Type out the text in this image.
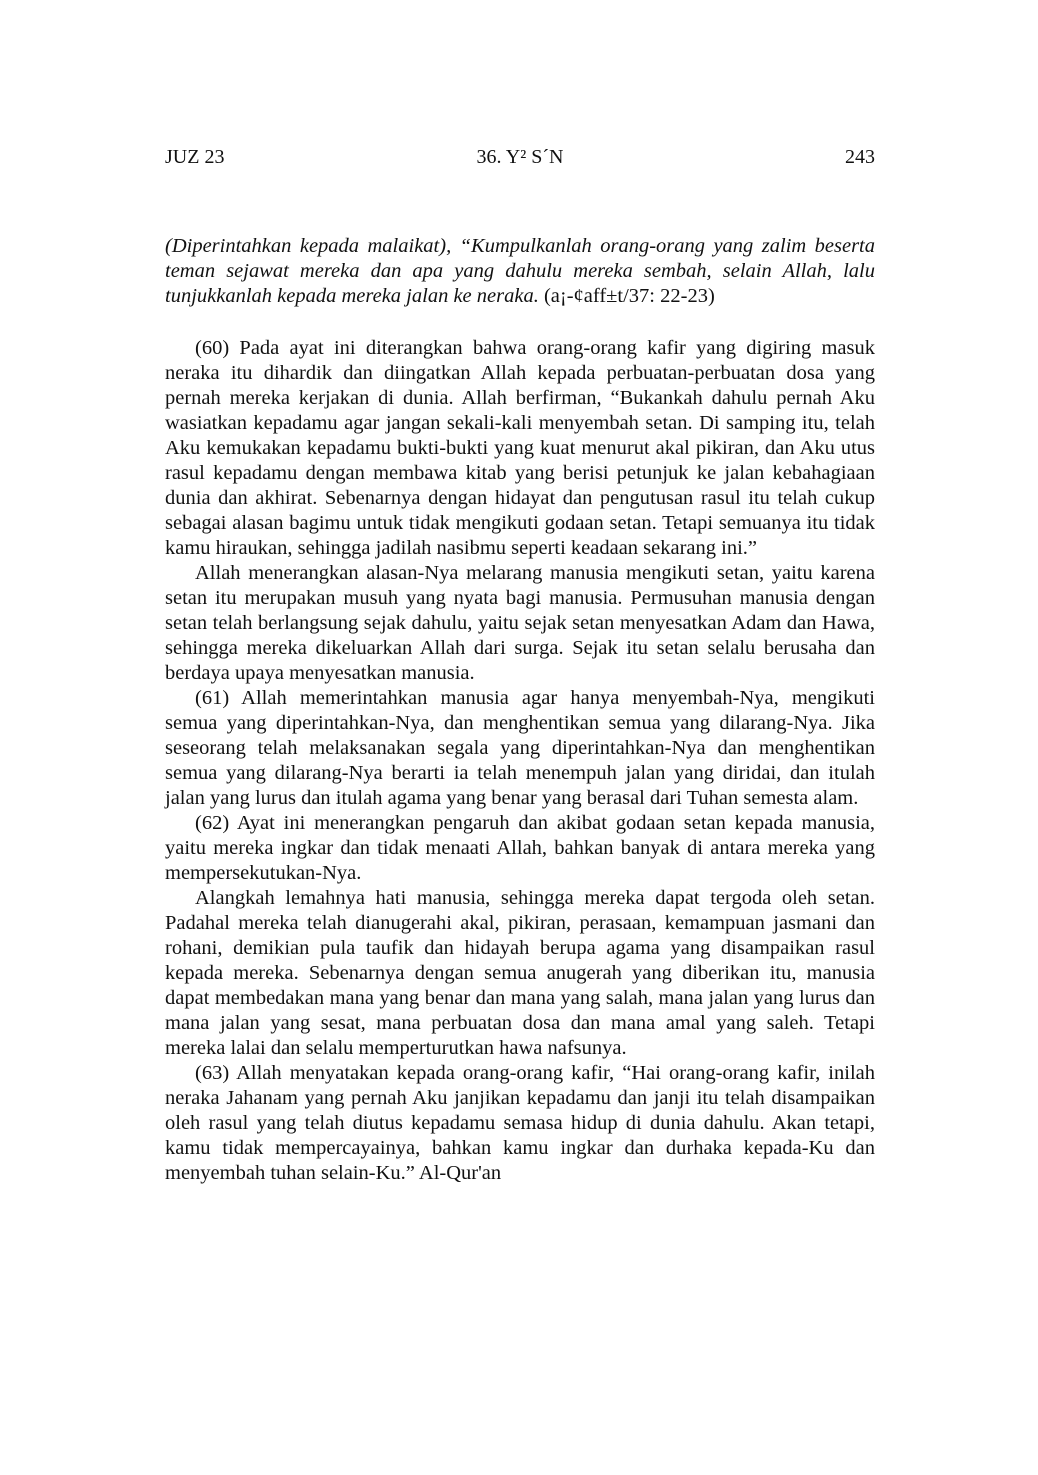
JUZ 23	36. Y² S´N	243

(Diperintahkan kepada malaikat), “Kumpulkanlah orang-orang yang zalim beserta teman sejawat mereka dan apa yang dahulu mereka sembah, selain Allah, lalu tunjukkanlah kepada mereka jalan ke neraka. (a¡-¢aff±t/37: 22-23)

(60) Pada ayat ini diterangkan bahwa orang-orang kafir yang digiring masuk neraka itu dihardik dan diingatkan Allah kepada perbuatan-perbuatan dosa yang pernah mereka kerjakan di dunia. Allah berfirman, “Bukankah dahulu pernah Aku wasiatkan kepadamu agar jangan sekali-kali menyembah setan. Di samping itu, telah Aku kemukakan kepadamu bukti-bukti yang kuat menurut akal pikiran, dan Aku utus rasul kepadamu dengan membawa kitab yang berisi petunjuk ke jalan kebahagiaan dunia dan akhirat. Sebenarnya dengan hidayat dan pengutusan rasul itu telah cukup sebagai alasan bagimu untuk tidak mengikuti godaan setan. Tetapi semuanya itu tidak kamu hiraukan, sehingga jadilah nasibmu seperti keadaan sekarang ini.”

Allah menerangkan alasan-Nya melarang manusia mengikuti setan, yaitu karena setan itu merupakan musuh yang nyata bagi manusia. Permusuhan manusia dengan setan telah berlangsung sejak dahulu, yaitu sejak setan menyesatkan Adam dan Hawa, sehingga mereka dikeluarkan Allah dari surga. Sejak itu setan selalu berusaha dan berdaya upaya menyesatkan manusia.

(61) Allah memerintahkan manusia agar hanya menyembah-Nya, mengikuti semua yang diperintahkan-Nya, dan menghentikan semua yang dilarang-Nya. Jika seseorang telah melaksanakan segala yang diperintahkan-Nya dan menghentikan semua yang dilarang-Nya berarti ia telah menempuh jalan yang diridai, dan itulah jalan yang lurus dan itulah agama yang benar yang berasal dari Tuhan semesta alam.

(62) Ayat ini menerangkan pengaruh dan akibat godaan setan kepada manusia, yaitu mereka ingkar dan tidak menaati Allah, bahkan banyak di antara mereka yang mempersekutukan-Nya.

Alangkah lemahnya hati manusia, sehingga mereka dapat tergoda oleh setan. Padahal mereka telah dianugerahi akal, pikiran, perasaan, kemampuan jasmani dan rohani, demikian pula taufik dan hidayah berupa agama yang disampaikan rasul kepada mereka. Sebenarnya dengan semua anugerah yang diberikan itu, manusia dapat membedakan mana yang benar dan mana yang salah, mana jalan yang lurus dan mana jalan yang sesat, mana perbuatan dosa dan mana amal yang saleh. Tetapi mereka lalai dan selalu memperturutkan hawa nafsunya.

(63) Allah menyatakan kepada orang-orang kafir, “Hai orang-orang kafir, inilah neraka Jahanam yang pernah Aku janjikan kepadamu dan janji itu telah disampaikan oleh rasul yang telah diutus kepadamu semasa hidup di dunia dahulu. Akan tetapi, kamu tidak mempercayainya, bahkan kamu ingkar dan durhaka kepada-Ku dan menyembah tuhan selain-Ku.” Al-Qur'an
